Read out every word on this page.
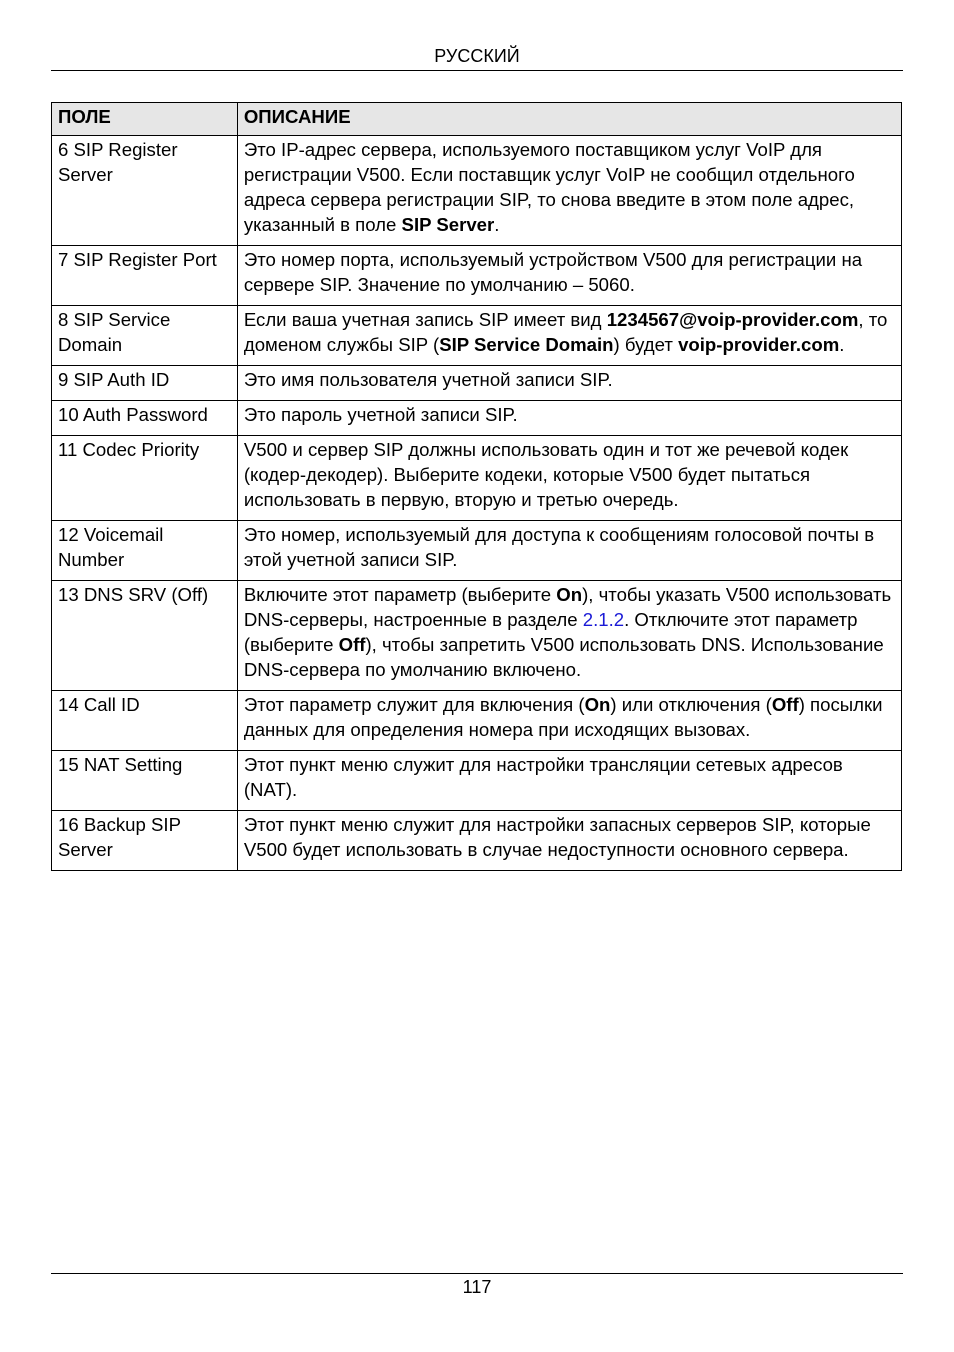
РУССКИЙ
ПОЛЕ	ОПИСАНИЕ
6 SIP Register Server	Это IP-адрес сервера, используемого поставщиком услуг VoIP для регистрации V500. Если поставщик услуг VoIP не сообщил отдельного адреса сервера регистрации SIP, то снова введите в этом поле адрес, указанный в поле SIP Server.
7 SIP Register Port	Это номер порта, используемый устройством V500 для регистрации на сервере SIP. Значение по умолчанию – 5060.
8 SIP Service Domain	Если ваша учетная запись SIP имеет вид 1234567@voip-provider.com, то доменом службы SIP (SIP Service Domain) будет voip-provider.com.
9 SIP Auth ID	Это имя пользователя учетной записи SIP.
10 Auth Password	Это пароль учетной записи SIP.
11 Codec Priority	V500 и сервер SIP должны использовать один и тот же речевой кодек (кодер-декодер). Выберите кодеки, которые V500 будет пытаться использовать в первую, вторую и третью очередь.
12 Voicemail Number	Это номер, используемый для доступа к сообщениям голосовой почты в этой учетной записи SIP.
13 DNS SRV (Off)	Включите этот параметр (выберите On), чтобы указать V500 использовать DNS-серверы, настроенные в разделе 2.1.2. Отключите этот параметр (выберите Off), чтобы запретить V500 использовать DNS. Использование DNS-сервера по умолчанию включено.
14 Call ID	Этот параметр служит для включения (On) или отключения (Off) посылки данных для определения номера при исходящих вызовах.
15 NAT Setting	Этот пункт меню служит для настройки трансляции сетевых адресов (NAT).
16 Backup SIP Server	Этот пункт меню служит для настройки запасных серверов SIP, которые V500 будет использовать в случае недоступности основного сервера.
117
